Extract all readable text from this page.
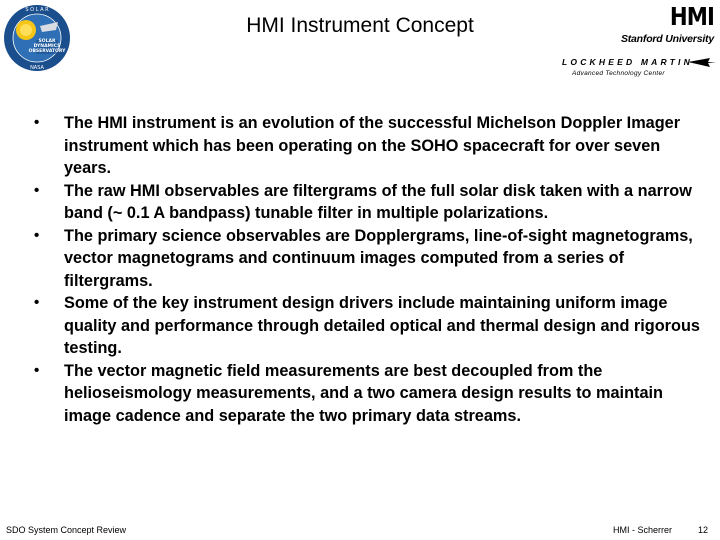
S O L A R
SOLAR
DYNAMICS
OBSERVATORY
NASA
HMI Instrument Concept	HMI
Stanford University
LOCKHEED MARTIN
Advanced Technology Center
• The HMI instrument is an evolution of the successful Michelson Doppler Imager instrument which has been operating on the SOHO spacecraft for over seven years.
• The raw HMI observables are filtergrams of the full solar disk taken with a narrow band (~ 0.1 A bandpass) tunable filter in multiple polarizations.
• The primary science observables are Dopplergrams, line-of-sight magnetograms, vector magnetograms and continuum images computed from a series of filtergrams.
• Some of the key instrument design drivers include maintaining uniform image quality and performance through detailed optical and thermal design and rigorous testing.
• The vector magnetic field measurements are best decoupled from the helioseismology measurements, and a two camera design results to maintain image cadence and separate the two primary data streams.
SDO System Concept Review	HMI - Scherrer	12
